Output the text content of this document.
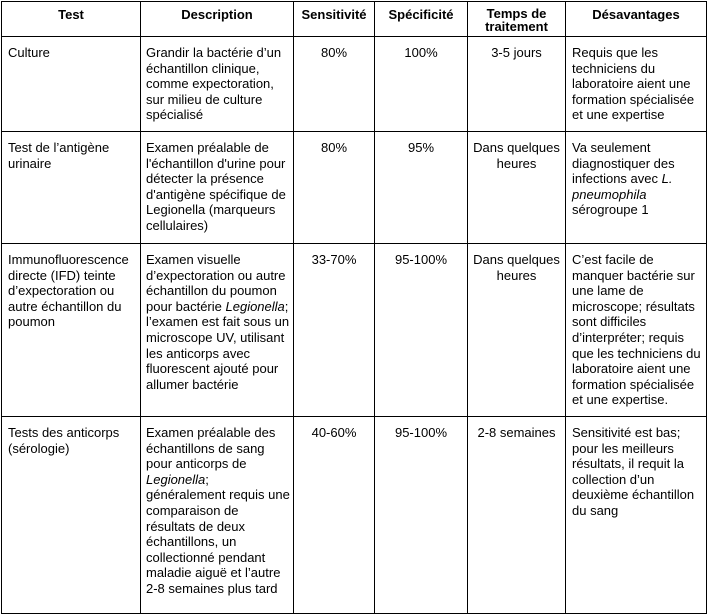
Test	Description	Sensitivité	Spécificité	Temps de traitement	Désavantages

Culture	Grandir la bactérie d’un échantillon clinique, comme expectoration, sur milieu de culture spécialisé	80%	100%	3-5 jours	Requis que les techniciens du laboratoire aient une formation spécialisée et une expertise

Test de l’antigène urinaire	Examen préalable de l'échantillon d'urine pour détecter la présence d'antigène spécifique de Legionella (marqueurs cellulaires)	80%	95%	Dans quelques heures	Va seulement diagnostiquer des infections avec L. pneumophila sérogroupe 1

Immunofluorescence directe (IFD) teinte d’expectoration ou autre échantillon du poumon	Examen visuelle d’expectoration ou autre échantillon du poumon pour bactérie Legionella; l’examen est fait sous un microscope UV, utilisant les anticorps avec fluorescent ajouté pour allumer bactérie	33-70%	95-100%	Dans quelques heures	C’est facile de manquer bactérie sur une lame de microscope; résultats sont difficiles d’interpréter; requis que les techniciens du laboratoire aient une formation spécialisée et une expertise.

Tests des anticorps (sérologie)	Examen préalable des échantillons de sang pour anticorps de Legionella; généralement requis une comparaison de résultats de deux échantillons, un collectionné pendant maladie aiguë et l’autre 2-8 semaines plus tard	40-60%	95-100%	2-8 semaines	Sensitivité est bas; pour les meilleurs résultats, il requit la collection d’un deuxième échantillon du sang
